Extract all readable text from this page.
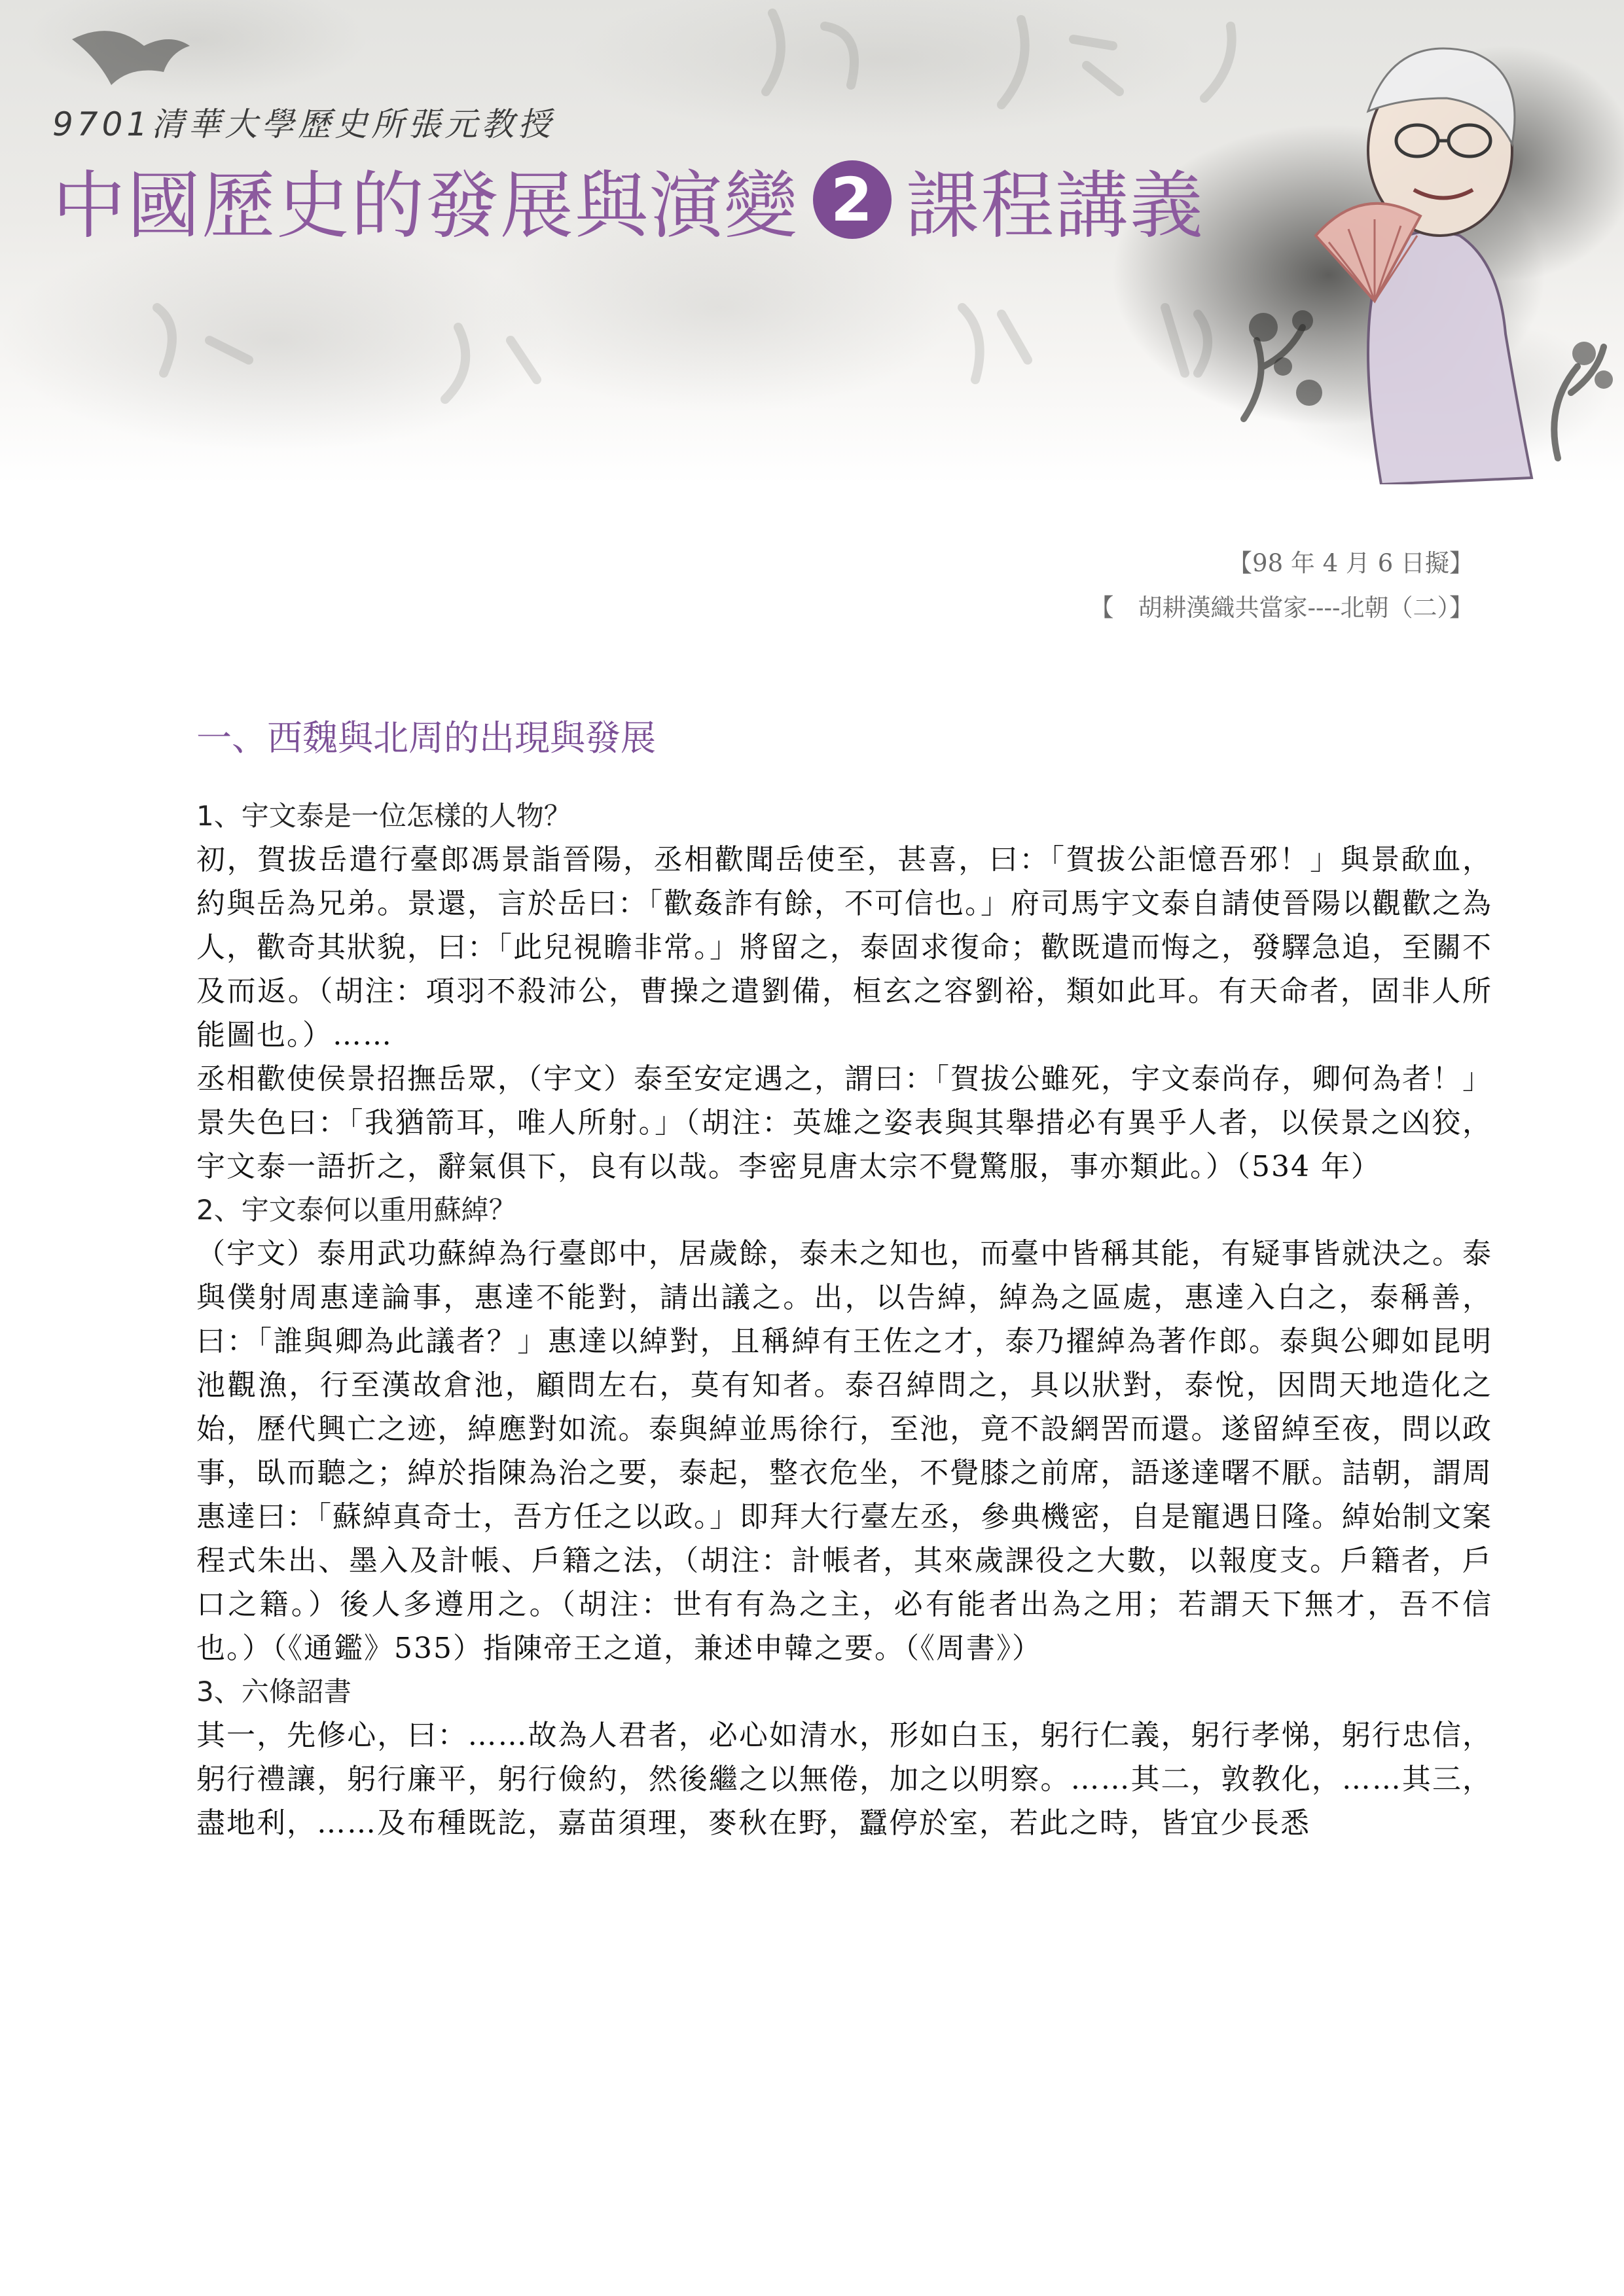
9701清華大學歷史所張元教授
中國歷史的發展與演變 2 課程講義
【98 年 4 月 6 日擬】
【　胡耕漢織共當家----北朝（二）】
一、西魏與北周的出現與發展

1、宇文泰是一位怎樣的人物？

初，賀拔岳遣行臺郎馮景詣晉陽，丞相歡聞岳使至，甚喜，曰：「賀拔公詎憶吾邪！」與景歃血，約與岳為兄弟。景還，言於岳曰：「歡姦詐有餘，不可信也。」府司馬宇文泰自請使晉陽以觀歡之為人，歡奇其狀貌，曰：「此兒視瞻非常。」將留之，泰固求復命；歡既遣而悔之，發驛急追，至關不及而返。（胡注：項羽不殺沛公，曹操之遣劉備，桓玄之容劉裕，類如此耳。有天命者，固非人所能圖也。）……

丞相歡使侯景招撫岳眾，（宇文）泰至安定遇之，謂曰：「賀拔公雖死，宇文泰尚存，卿何為者！」景失色曰：「我猶箭耳，唯人所射。」（胡注：英雄之姿表與其舉措必有異乎人者，以侯景之凶狡，宇文泰一語折之，辭氣俱下，良有以哉。李密見唐太宗不覺驚服，事亦類此。）（534 年）

2、宇文泰何以重用蘇綽？

（宇文）泰用武功蘇綽為行臺郎中，居歲餘，泰未之知也，而臺中皆稱其能，有疑事皆就決之。泰與僕射周惠達論事，惠達不能對，請出議之。出，以告綽，綽為之區處，惠達入白之，泰稱善，曰：「誰與卿為此議者？」惠達以綽對，且稱綽有王佐之才，泰乃擢綽為著作郎。泰與公卿如昆明池觀漁，行至漢故倉池，顧問左右，莫有知者。泰召綽問之，具以狀對，泰悅，因問天地造化之始，歷代興亡之迹，綽應對如流。泰與綽並馬徐行，至池，竟不設網罟而還。遂留綽至夜，問以政事，臥而聽之；綽於指陳為治之要，泰起，整衣危坐，不覺膝之前席，語遂達曙不厭。詰朝，謂周惠達曰：「蘇綽真奇士，吾方任之以政。」即拜大行臺左丞，參典機密，自是寵遇日隆。綽始制文案程式朱出、墨入及計帳、戶籍之法，（胡注：計帳者，其來歲課役之大數，以報度支。戶籍者，戶口之籍。）後人多遵用之。（胡注：世有有為之主，必有能者出為之用；若謂天下無才，吾不信也。）（《通鑑》535）指陳帝王之道，兼述申韓之要。（《周書》）

3、六條詔書

其一，先修心，曰：……故為人君者，必心如清水，形如白玉，躬行仁義，躬行孝悌，躬行忠信，躬行禮讓，躬行廉平，躬行儉約，然後繼之以無倦，加之以明察。……其二，敦教化，……其三，盡地利，……及布種既訖，嘉苗須理，麥秋在野，蠶停於室，若此之時，皆宜少長悉
